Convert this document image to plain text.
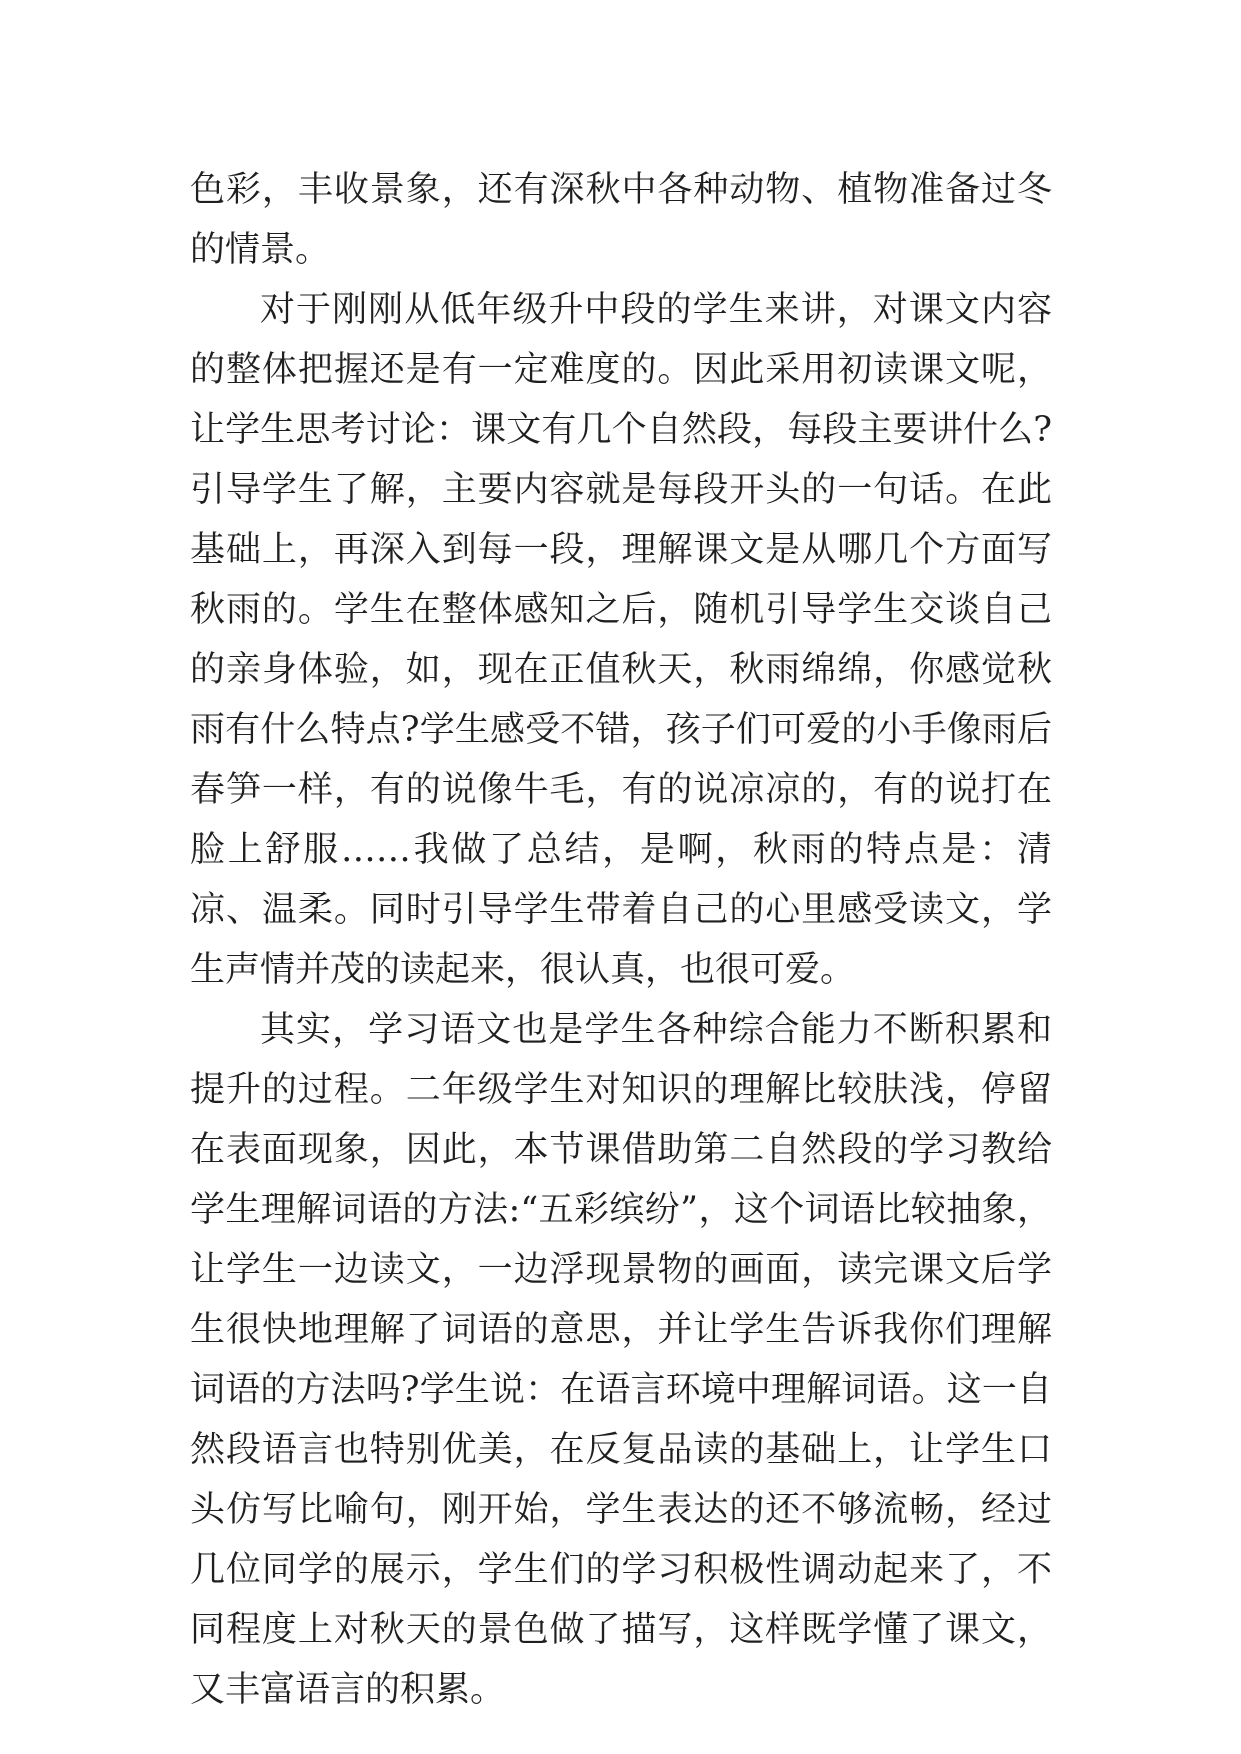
色彩，丰收景象，还有深秋中各种动物、植物准备过冬的情景。

对于刚刚从低年级升中段的学生来讲，对课文内容的整体把握还是有一定难度的。因此采用初读课文呢，让学生思考讨论：课文有几个自然段，每段主要讲什么?引导学生了解，主要内容就是每段开头的一句话。在此基础上，再深入到每一段，理解课文是从哪几个方面写秋雨的。学生在整体感知之后，随机引导学生交谈自己的亲身体验，如，现在正值秋天，秋雨绵绵，你感觉秋雨有什么特点?学生感受不错，孩子们可爱的小手像雨后春笋一样，有的说像牛毛，有的说凉凉的，有的说打在脸上舒服……我做了总结，是啊，秋雨的特点是：清凉、温柔。同时引导学生带着自己的心里感受读文，学生声情并茂的读起来，很认真，也很可爱。

其实，学习语文也是学生各种综合能力不断积累和提升的过程。二年级学生对知识的理解比较肤浅，停留在表面现象，因此，本节课借助第二自然段的学习教给学生理解词语的方法:“五彩缤纷”，这个词语比较抽象，让学生一边读文，一边浮现景物的画面，读完课文后学生很快地理解了词语的意思，并让学生告诉我你们理解词语的方法吗?学生说：在语言环境中理解词语。这一自然段语言也特别优美，在反复品读的基础上，让学生口头仿写比喻句，刚开始，学生表达的还不够流畅，经过几位同学的展示，学生们的学习积极性调动起来了，不同程度上对秋天的景色做了描写，这样既学懂了课文，又丰富语言的积累。
